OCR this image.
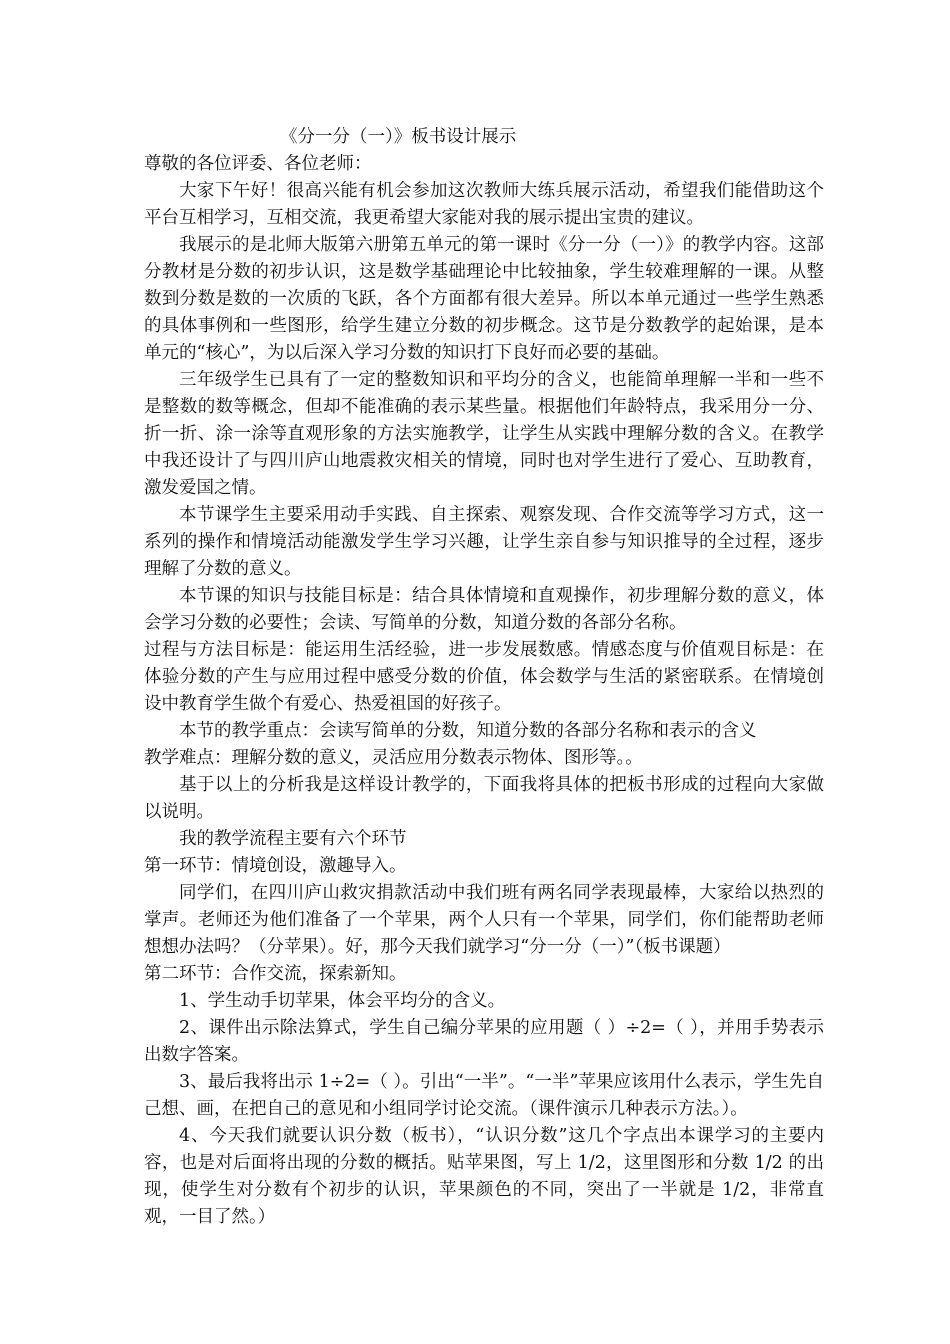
《分一分（一）》板书设计展示

尊敬的各位评委、各位老师：

大家下午好！很高兴能有机会参加这次教师大练兵展示活动，希望我们能借助这个平台互相学习，互相交流，我更希望大家能对我的展示提出宝贵的建议。

我展示的是北师大版第六册第五单元的第一课时《分一分（一）》的教学内容。这部分教材是分数的初步认识，这是数学基础理论中比较抽象，学生较难理解的一课。从整数到分数是数的一次质的飞跃，各个方面都有很大差异。所以本单元通过一些学生熟悉的具体事例和一些图形，给学生建立分数的初步概念。这节是分数教学的起始课，是本单元的“核心”，为以后深入学习分数的知识打下良好而必要的基础。

三年级学生已具有了一定的整数知识和平均分的含义，也能简单理解一半和一些不是整数的数等概念，但却不能准确的表示某些量。根据他们年龄特点，我采用分一分、折一折、涂一涂等直观形象的方法实施教学，让学生从实践中理解分数的含义。在教学中我还设计了与四川庐山地震救灾相关的情境，同时也对学生进行了爱心、互助教育，激发爱国之情。

本节课学生主要采用动手实践、自主探索、观察发现、合作交流等学习方式，这一系列的操作和情境活动能激发学生学习兴趣，让学生亲自参与知识推导的全过程，逐步理解了分数的意义。

本节课的知识与技能目标是：结合具体情境和直观操作，初步理解分数的意义，体会学习分数的必要性；会读、写简单的分数，知道分数的各部分名称。

过程与方法目标是：能运用生活经验，进一步发展数感。情感态度与价值观目标是：在体验分数的产生与应用过程中感受分数的价值，体会数学与生活的紧密联系。在情境创设中教育学生做个有爱心、热爱祖国的好孩子。

本节的教学重点：会读写简单的分数，知道分数的各部分名称和表示的含义

教学难点：理解分数的意义，灵活应用分数表示物体、图形等。。

基于以上的分析我是这样设计教学的，下面我将具体的把板书形成的过程向大家做以说明。

我的教学流程主要有六个环节

第一环节：情境创设，激趣导入。

同学们，在四川庐山救灾捐款活动中我们班有两名同学表现最棒，大家给以热烈的掌声。老师还为他们准备了一个苹果，两个人只有一个苹果，同学们，你们能帮助老师想想办法吗？（分苹果）。好，那今天我们就学习“分一分（一）”（板书课题）

第二环节：合作交流，探索新知。

1、学生动手切苹果，体会平均分的含义。

2、课件出示除法算式，学生自己编分苹果的应用题（ ）÷2=（ ），并用手势表示出数字答案。

3、最后我将出示 1÷2=（ ）。引出“一半”。“一半”苹果应该用什么表示，学生先自己想、画，在把自己的意见和小组同学讨论交流。（课件演示几种表示方法。）。

4、今天我们就要认识分数（板书），“认识分数”这几个字点出本课学习的主要内容，也是对后面将出现的分数的概括。贴苹果图，写上 1/2，这里图形和分数 1/2 的出现，使学生对分数有个初步的认识，苹果颜色的不同，突出了一半就是 1/2，非常直观，一目了然。）
